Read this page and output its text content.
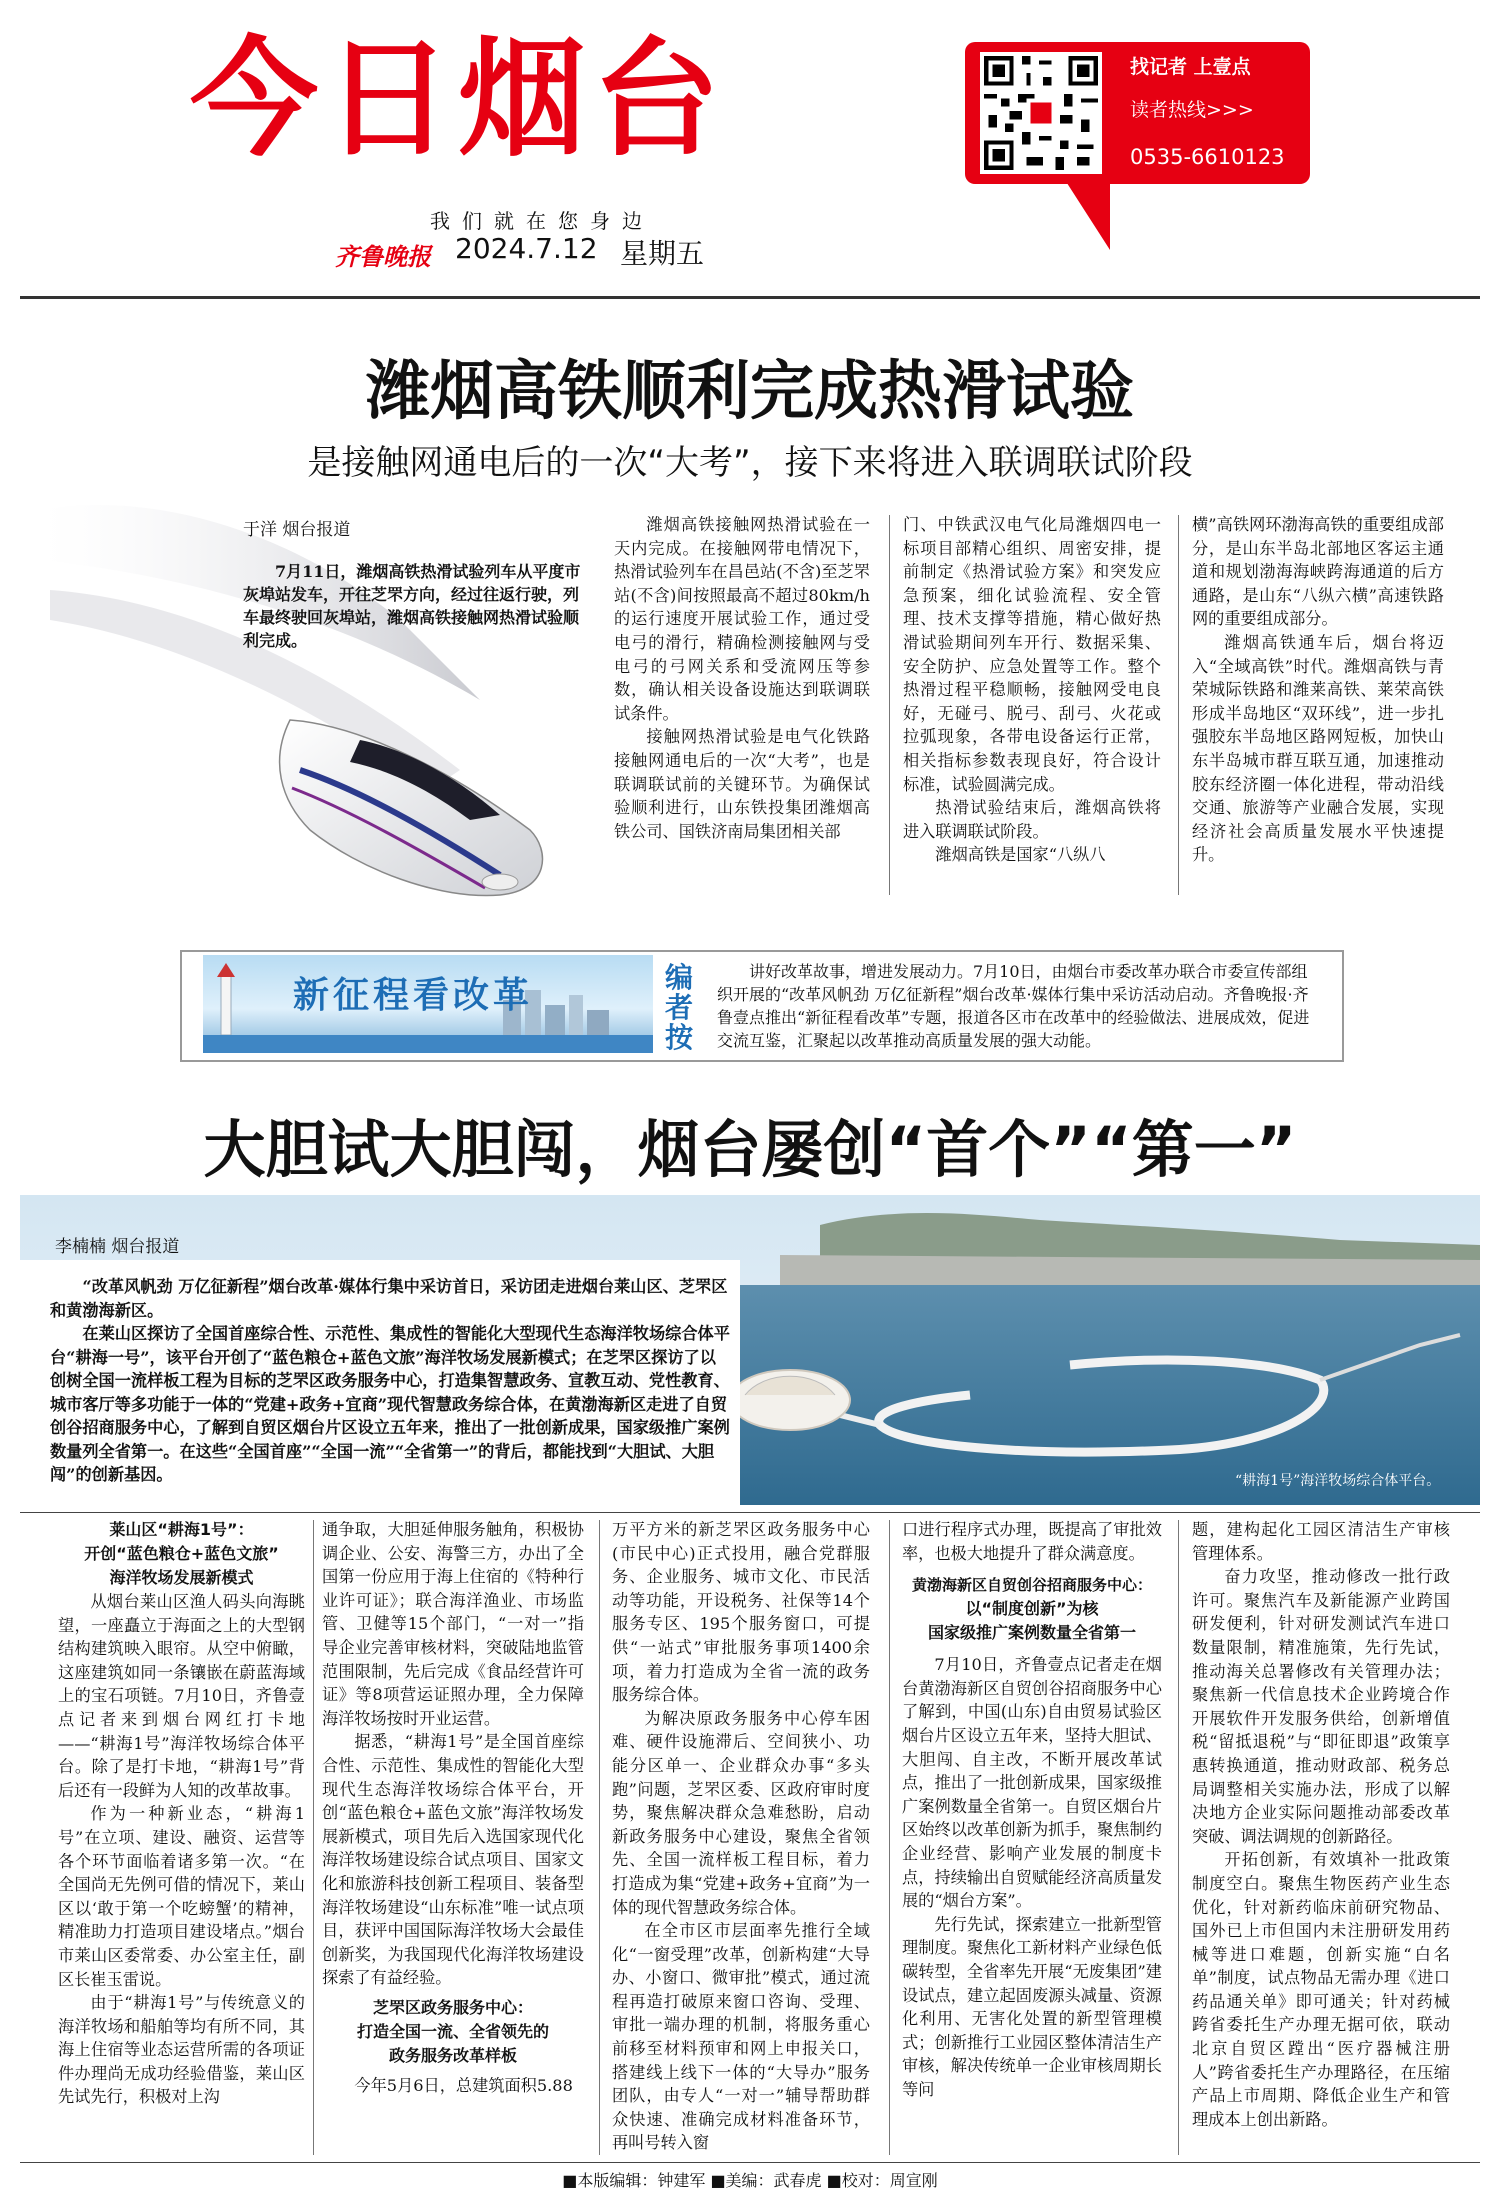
今日烟台
我们就在您身边
齐鲁晚报 2024.7.12 星期五
找记者 上壹点
读者热线>>>
0535-6610123
潍烟高铁顺利完成热滑试验
是接触网通电后的一次“大考”，接下来将进入联调联试阶段
于洋 烟台报道
7月11日，潍烟高铁热滑试验列车从平度市灰埠站发车，开往芝罘方向，经过往返行驶，列车最终驶回灰埠站，潍烟高铁接触网热滑试验顺利完成。

潍烟高铁接触网热滑试验在一天内完成。在接触网带电情况下，热滑试验列车在昌邑站(不含)至芝罘站(不含)间按照最高不超过80km/h的运行速度开展试验工作，通过受电弓的滑行，精确检测接触网与受电弓的弓网关系和受流网压等参数，确认相关设备设施达到联调联试条件。

接触网热滑试验是电气化铁路接触网通电后的一次“大考”，也是联调联试前的关键环节。为确保试验顺利进行，山东铁投集团潍烟高铁公司、国铁济南局集团相关部

门、中铁武汉电气化局潍烟四电一标项目部精心组织、周密安排，提前制定《热滑试验方案》和突发应急预案，细化试验流程、安全管理、技术支撑等措施，精心做好热滑试验期间列车开行、数据采集、安全防护、应急处置等工作。整个热滑过程平稳顺畅，接触网受电良好，无碰弓、脱弓、刮弓、火花或拉弧现象，各带电设备运行正常，相关指标参数表现良好，符合设计标准，试验圆满完成。

热滑试验结束后，潍烟高铁将进入联调联试阶段。

潍烟高铁是国家“八纵八

横”高铁网环渤海高铁的重要组成部分，是山东半岛北部地区客运主通道和规划渤海海峡跨海通道的后方通路，是山东“八纵六横”高速铁路网的重要组成部分。

潍烟高铁通车后，烟台将迈入“全域高铁”时代。潍烟高铁与青荣城际铁路和潍莱高铁、莱荣高铁形成半岛地区“双环线”，进一步扎强胶东半岛地区路网短板，加快山东半岛城市群互联互通，加速推动胶东经济圈一体化进程，带动沿线交通、旅游等产业融合发展，实现经济社会高质量发展水平快速提升。

新征程看改革	编者按
讲好改革故事，增进发展动力。7月10日，由烟台市委改革办联合市委宣传部组织开展的“改革风帆劲 万亿征新程”烟台改革·媒体行集中采访活动启动。齐鲁晚报·齐鲁壹点推出“新征程看改革”专题，报道各区市在改革中的经验做法、进展成效，促进交流互鉴，汇聚起以改革推动高质量发展的强大动能。
大胆试大胆闯，烟台屡创“首个”“第一”
李楠楠 烟台报道

“改革风帆劲 万亿征新程”烟台改革·媒体行集中采访首日，采访团走进烟台莱山区、芝罘区和黄渤海新区。

在莱山区探访了全国首座综合性、示范性、集成性的智能化大型现代生态海洋牧场综合体平台“耕海一号”，该平台开创了“蓝色粮仓+蓝色文旅”海洋牧场发展新模式；在芝罘区探访了以创树全国一流样板工程为目标的芝罘区政务服务中心，打造集智慧政务、宣教互动、党性教育、城市客厅等多功能于一体的“党建+政务+宜商”现代智慧政务综合体，在黄渤海新区走进了自贸创谷招商服务中心，了解到自贸区烟台片区设立五年来，推出了一批创新成果，国家级推广案例数量列全省第一。在这些“全国首座”“全国一流”“全省第一”的背后，都能找到“大胆试、大胆闯”的创新基因。	“耕海1号”海洋牧场综合体平台。
莱山区“耕海1号”：
开创“蓝色粮仓+蓝色文旅”
海洋牧场发展新模式

从烟台莱山区渔人码头向海眺望，一座矗立于海面之上的大型钢结构建筑映入眼帘。从空中俯瞰，这座建筑如同一条镶嵌在蔚蓝海域上的宝石项链。7月10日，齐鲁壹点记者来到烟台网红打卡地——“耕海1号”海洋牧场综合体平台。除了是打卡地，“耕海1号”背后还有一段鲜为人知的改革故事。

作为一种新业态，“耕海1号”在立项、建设、融资、运营等各个环节面临着诸多第一次。“在全国尚无先例可借的情况下，莱山区以‘敢于第一个吃螃蟹’的精神，精准助力打造项目建设堵点。”烟台市莱山区委常委、办公室主任，副区长崔玉雷说。

由于“耕海1号”与传统意义的海洋牧场和船舶等均有所不同，其海上住宿等业态运营所需的各项证件办理尚无成功经验借鉴，莱山区先试先行，积极对上沟

通争取，大胆延伸服务触角，积极协调企业、公安、海警三方，办出了全国第一份应用于海上住宿的《特种行业许可证》；联合海洋渔业、市场监管、卫健等15个部门，“一对一”指导企业完善审核材料，突破陆地监管范围限制，先后完成《食品经营许可证》等8项营运证照办理，全力保障海洋牧场按时开业运营。

据悉，“耕海1号”是全国首座综合性、示范性、集成性的智能化大型现代生态海洋牧场综合体平台，开创“蓝色粮仓+蓝色文旅”海洋牧场发展新模式，项目先后入选国家现代化海洋牧场建设综合试点项目、国家文化和旅游科技创新工程项目、装备型海洋牧场建设“山东标准”唯一试点项目，获评中国国际海洋牧场大会最佳创新奖，为我国现代化海洋牧场建设探索了有益经验。

芝罘区政务服务中心：
打造全国一流、全省领先的
政务服务改革样板

今年5月6日，总建筑面积5.88

万平方米的新芝罘区政务服务中心(市民中心)正式投用，融合党群服务、企业服务、城市文化、市民活动等功能，开设税务、社保等14个服务专区、195个服务窗口，可提供“一站式”审批服务事项1400余项，着力打造成为全省一流的政务服务综合体。

为解决原政务服务中心停车困难、硬件设施滞后、空间狭小、功能分区单一、企业群众办事“多头跑”问题，芝罘区委、区政府审时度势，聚焦解决群众急难愁盼，启动新政务服务中心建设，聚焦全省领先、全国一流样板工程目标，着力打造成为集“党建+政务+宜商”为一体的现代智慧政务综合体。

在全市区市层面率先推行全域化“一窗受理”改革，创新构建“大导办、小窗口、微审批”模式，通过流程再造打破原来窗口咨询、受理、审批一端办理的机制，将服务重心前移至材料预审和网上申报关口，搭建线上线下一体的“大导办”服务团队，由专人“一对一”辅导帮助群众快速、准确完成材料准备环节，再叫号转入窗

口进行程序式办理，既提高了审批效率，也极大地提升了群众满意度。

黄渤海新区自贸创谷招商服务中心：
以“制度创新”为核
国家级推广案例数量全省第一

7月10日，齐鲁壹点记者走在烟台黄渤海新区自贸创谷招商服务中心了解到，中国(山东)自由贸易试验区烟台片区设立五年来，坚持大胆试、大胆闯、自主改，不断开展改革试点，推出了一批创新成果，国家级推广案例数量全省第一。自贸区烟台片区始终以改革创新为抓手，聚焦制约企业经营、影响产业发展的制度卡点，持续输出自贸赋能经济高质量发展的“烟台方案”。

先行先试，探索建立一批新型管理制度。聚焦化工新材料产业绿色低碳转型，全省率先开展“无废集团”建设试点，建立起固废源头减量、资源化利用、无害化处置的新型管理模式；创新推行工业园区整体清洁生产审核，解决传统单一企业审核周期长等问

题，建构起化工园区清洁生产审核管理体系。

奋力攻坚，推动修改一批行政许可。聚焦汽车及新能源产业跨国研发便利，针对研发测试汽车进口数量限制，精准施策，先行先试，推动海关总署修改有关管理办法；聚焦新一代信息技术企业跨境合作开展软件开发服务供给，创新增值税“留抵退税”与“即征即退”政策享惠转换通道，推动财政部、税务总局调整相关实施办法，形成了以解决地方企业实际问题推动部委改革突破、调法调规的创新路径。

开拓创新，有效填补一批政策制度空白。聚焦生物医药产业生态优化，针对新药临床前研究物品、国外已上市但国内未注册研发用药械等进口难题，创新实施“白名单”制度，试点物品无需办理《进口药品通关单》即可通关；针对药械跨省委托生产办理无据可依，联动北京自贸区蹚出“医疗器械注册人”跨省委托生产办理路径，在压缩产品上市周期、降低企业生产和管理成本上创出新路。

■本版编辑：钟建军 ■美编：武春虎 ■校对：周宣刚
